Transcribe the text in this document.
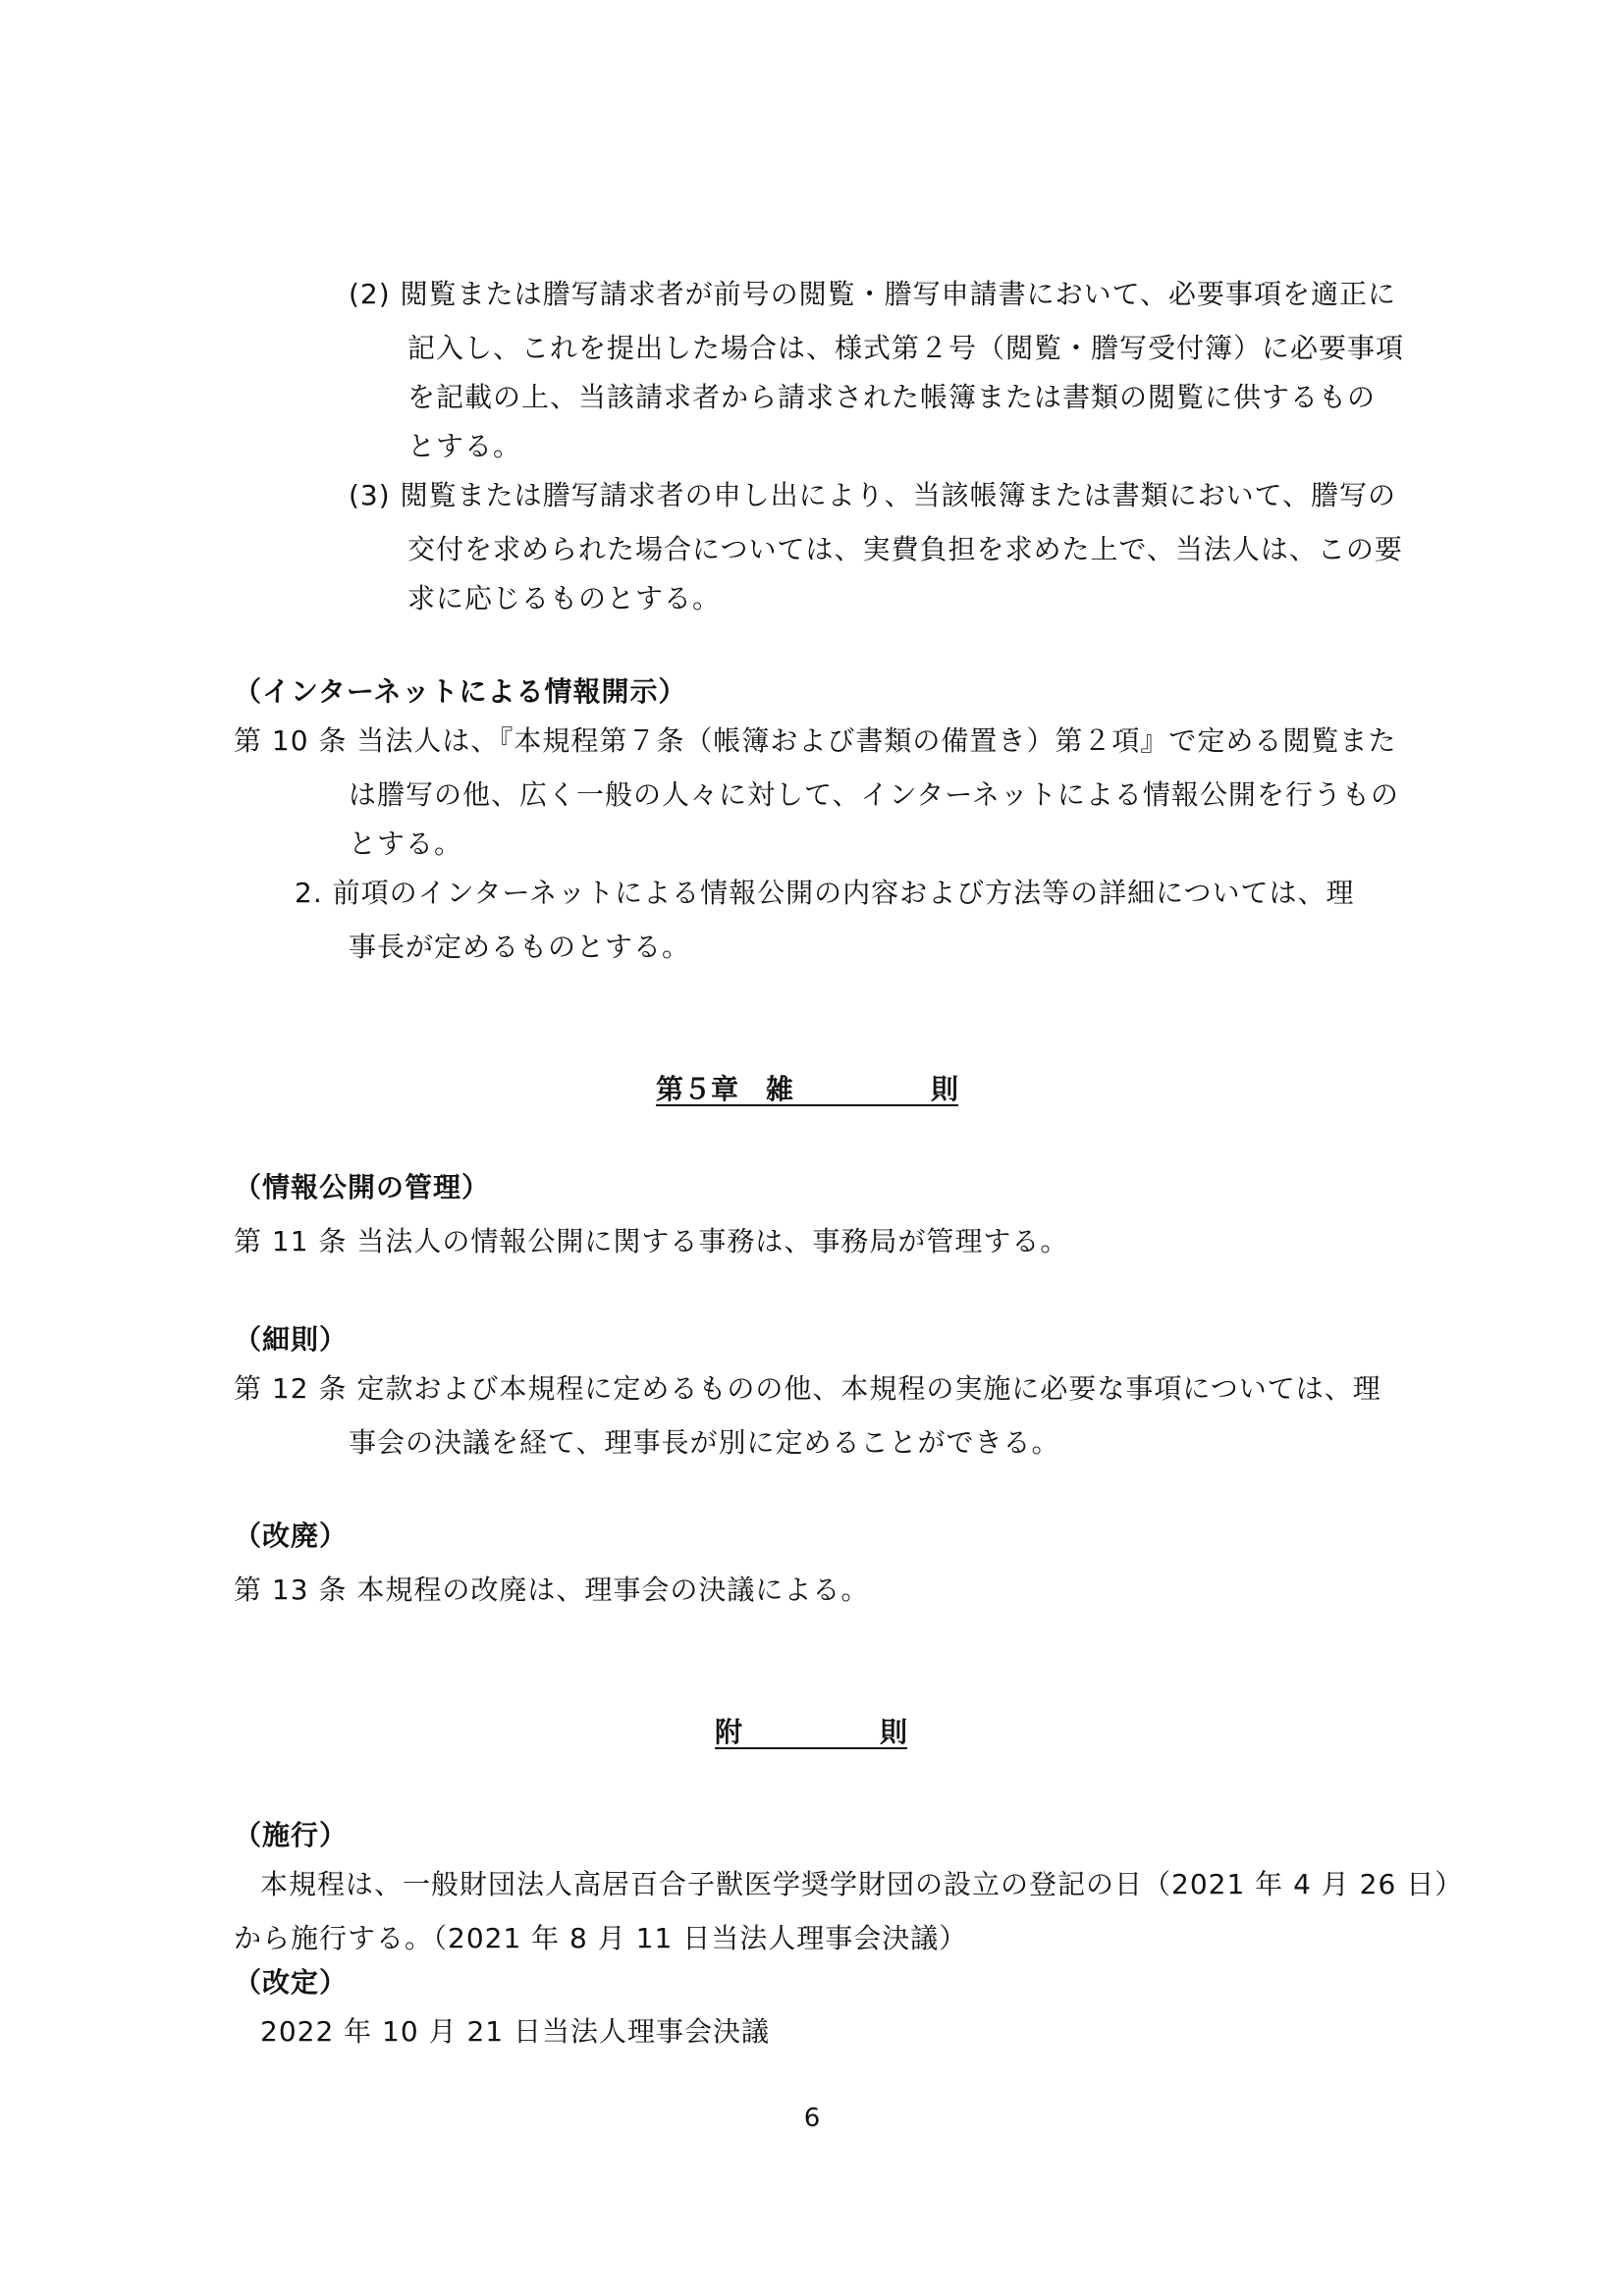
(2) 閲覧または謄写請求者が前号の閲覧・謄写申請書において、必要事項を適正に
記入し、これを提出した場合は、様式第２号（閲覧・謄写受付簿）に必要事項
を記載の上、当該請求者から請求された帳簿または書類の閲覧に供するもの
とする。
(3) 閲覧または謄写請求者の申し出により、当該帳簿または書類において、謄写の
交付を求められた場合については、実費負担を求めた上で、当法人は、この要
求に応じるものとする。
（インターネットによる情報開示）
第 10 条 当法人は、『本規程第７条（帳簿および書類の備置き）第２項』で定める閲覧また
は謄写の他、広く一般の人々に対して、インターネットによる情報公開を行うもの
とする。
2. 前項のインターネットによる情報公開の内容および方法等の詳細については、理
事長が定めるものとする。
第５章　雑　　　　　則
（情報公開の管理）
第 11 条 当法人の情報公開に関する事務は、事務局が管理する。
（細則）
第 12 条 定款および本規程に定めるものの他、本規程の実施に必要な事項については、理
事会の決議を経て、理事長が別に定めることができる。
（改廃）
第 13 条 本規程の改廃は、理事会の決議による。
附　　　　　則
（施行）
本規程は、一般財団法人高居百合子獣医学奨学財団の設立の登記の日（2021 年 4 月 26 日）
から施行する。（2021 年 8 月 11 日当法人理事会決議）
（改定）
2022 年 10 月 21 日当法人理事会決議
6
